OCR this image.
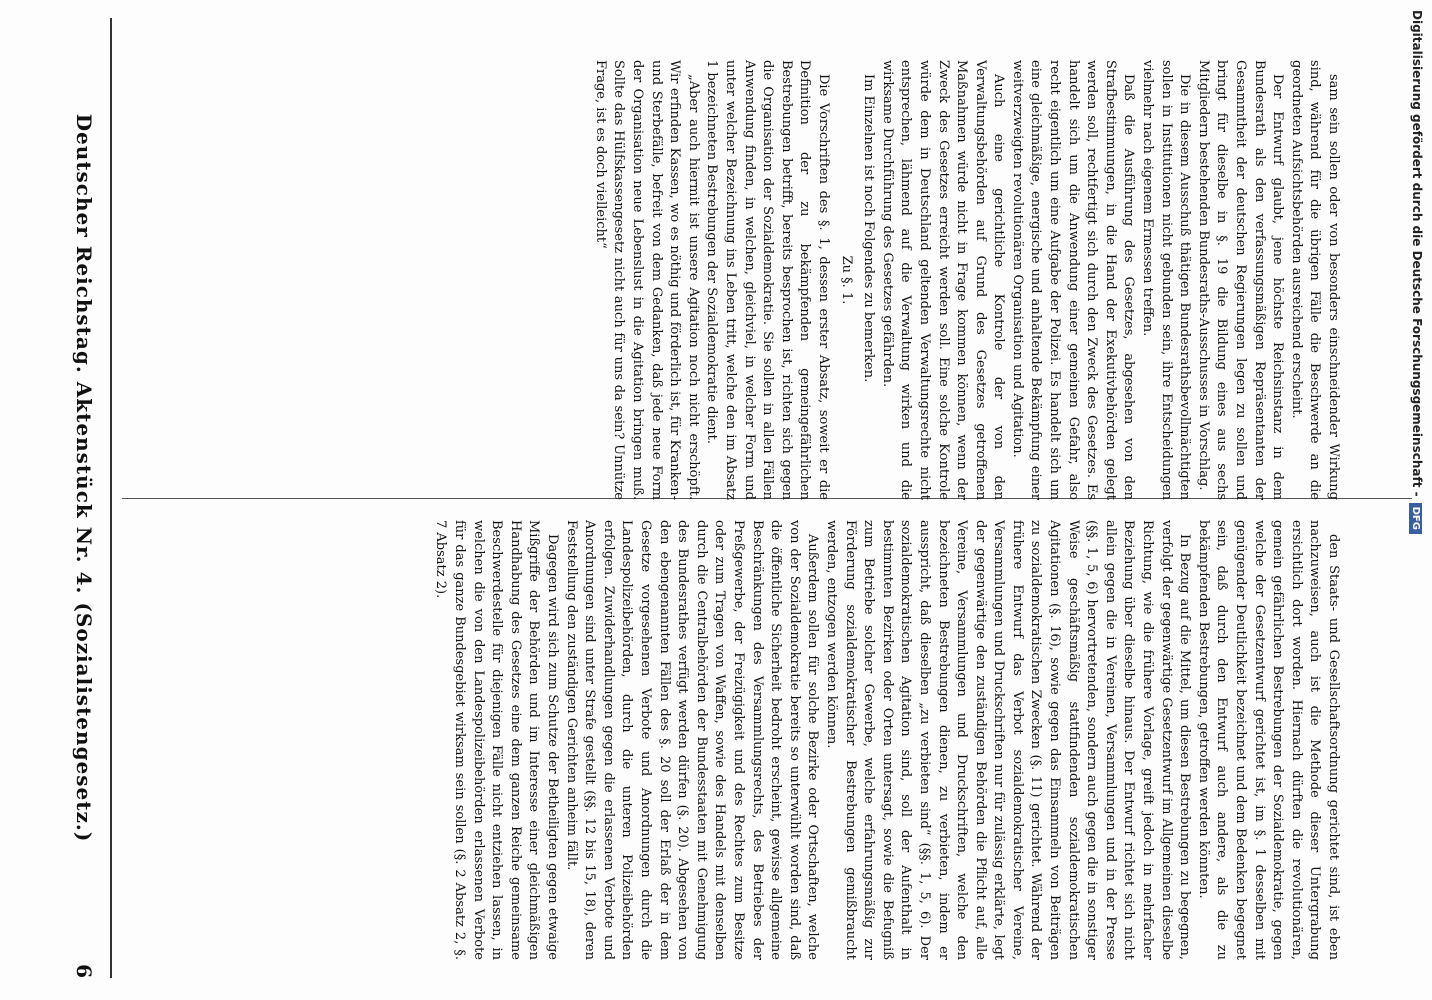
Digitalisierung gefördert durch die Deutsche Forschungsgemeinschaft -DFG

den Staats- und Gesellschaftsordnung gerichtet sind, ist eben nachzuweisen, auch ist die Methode dieser Untergrabung ersichtlich dort worden. Hiernach dürften die revolutionären, gemein gefährlichen Bestrebungen der Sozialdemokratie, gegen welche der Gesetzentwurf gerichtet ist, im §. 1 desselben mit genügender Deutlichkeit bezeichnet und dem Bedenken begegnet sein, daß durch den Entwurf auch andere, als die zu bekämpfenden Bestrebungen, getroffen werden könnten.

In Bezug auf die Mittel, um diesen Bestrebungen zu begegnen, verfolgt der gegenwärtige Gesetzentwurf im Allgemeinen dieselbe Richtung, wie die frühere Vorlage, greift jedoch in mehrfacher Beziehung über dieselbe hinaus. Der Entwurf richtet sich nicht allein gegen die in Vereinen, Versammlungen und in der Presse (§§. 1, 5, 6) hervortretenden, sondern auch gegen die in sonstiger Weise geschäftsmäßig stattfindenden sozialdemokratischen Agitationen (§. 16), sowie gegen das Einsammeln von Beiträgen zu sozialdemokratischen Zwecken (§. 11) gerichtet. Während der frühere Entwurf das Verbot sozialdemokratischer Vereine, Versammlungen und Druckschriften nur für zulässig erklärte, legt der gegenwärtige den zuständigen Behörden die Pflicht auf, alle Vereine, Versammlungen und Druckschriften, welche den bezeichneten Bestrebungen dienen, zu verbieten, indem er ausspricht, daß dieselben „zu verbieten sind“ (§§. 1, 5, 6). Der sozialdemokratischen Agitation sind, soll der Aufenthalt in bestimmten Bezirken oder Orten untersagt, sowie die Befugniß zum Betriebe solcher Gewerbe, welche erfahrungsmäßig zur Förderung sozialdemokratischer Bestrebungen gemißbraucht werden, entzogen werden können.

Außerdem sollen für solche Bezirke oder Ortschaften, welche von der Sozialdemokratie bereits so unterwühlt worden sind, daß die öffentliche Sicherheit bedroht erscheint, gewisse allgemeine Beschränkungen des Versammlungsrechts, des Betriebes der Preßgewerbe, der Freizügigkeit und des Rechtes zum Besitze oder zum Tragen von Waffen, sowie des Handels mit denselben durch die Centralbehörden der Bundesstaaten mit Genehmigung des Bundesrathes verfügt werden dürfen (§. 20). Abgesehen von den ebengenannten Fällen des §. 20 soll der Erlaß der in dem Gesetze vorgesehenen Verbote und Anordnungen durch die Landespolizeibehörden, durch die unteren Polizeibehörden erfolgen. Zuwiderhandlungen gegen die erlassenen Verbote und Anordnungen sind unter Strafe gestellt (§§. 12 bis 15, 18), deren Feststellung den zuständigen Gerichten anheim fällt.

Dagegen wird sich zum Schutze der Betheiligten gegen etwaige Mißgriffe der Behörden und im Interesse einer gleichmäßigen Handhabung des Gesetzes eine dem ganzen Reiche gemeinsame Beschwerdestelle für diejenigen Fälle nicht entziehen lassen, in welchen die von den Landespolizeibehörden erlassenen Verbote für das ganze Bundesgebiet wirksam sein sollen (§. 2 Absatz 2, §. 7 Absatz 2).

sam sein sollen oder von besonders einschneidender Wirkung sind, während für die übrigen Fälle die Beschwerde an die geordneten Aufsichtsbehörden ausreichend erscheint.

Der Entwurf glaubt, jene höchste Reichsinstanz in dem Bundesrath als den verfassungsmäßigen Repräsentanten der Gesammtheit der deutschen Regierungen legen zu sollen und bringt für dieselbe in §. 19 die Bildung eines aus sechs Mitgliedern bestehenden Bundesraths-Ausschusses in Vorschlag.

Die in diesem Ausschuß thätigen Bundesrathsbevollmächtigten sollen in Institutionen nicht gebunden sein, ihre Entscheidungen vielmehr nach eigenem Ermessen treffen.

Daß die Ausführung des Gesetzes, abgesehen von den Strafbestimmungen, in die Hand der Exekutivbehörden gelegt werden soll, rechtfertigt sich durch den Zweck des Gesetzes. Es handelt sich um die Anwendung einer gemeinen Gefahr, also recht eigentlich um eine Aufgabe der Polizei. Es handelt sich um eine gleichmäßige, energische und anhaltende Bekämpfung einer weitverzweigten revolutionären Organisation und Agitation.

Auch eine gerichtliche Kontrole der von den Verwaltungsbehörden auf Grund des Gesetzes getroffenen Maßnahmen würde nicht in Frage kommen können, wenn der Zweck des Gesetzes erreicht werden soll. Eine solche Kontrole würde dem in Deutschland geltenden Verwaltungsrechte nicht entsprechen, lähmend auf die Verwaltung wirken und die wirksame Durchführung des Gesetzes gefährden.

Im Einzelnen ist noch Folgendes zu bemerken.

Zu §. 1.

Die Vorschriften des §. 1, dessen erster Absatz, soweit er die Definition der zu bekämpfenden gemeingefährlichen Bestrebungen betrifft, bereits besprochen ist, richten sich gegen die Organisation der Sozialdemokratie. Sie sollen in allen Fällen Anwendung finden, in welchen, gleichviel, in welcher Form und unter welcher Bezeichnung ins Leben tritt, welche den im Absatz 1 bezeichneten Bestrebungen der Sozialdemokratie dient.

„Aber auch hiermit ist unsere Agitation noch nicht erschöpft. Wir erfinden Kassen, wo es nöthig und förderlich ist, für Kranken- und Sterbefälle, befreit von dem Gedanken, daß jede neue Form der Organisation neue Lebenslust in die Agitation bringen muß. Sollte das Hülfskassengesetz nicht auch für uns da sein? Unnütze Frage, ist es doch vielleicht“

Deutscher Reichstag. Aktenstück Nr. 4. (Sozialistengesetz.)
6
